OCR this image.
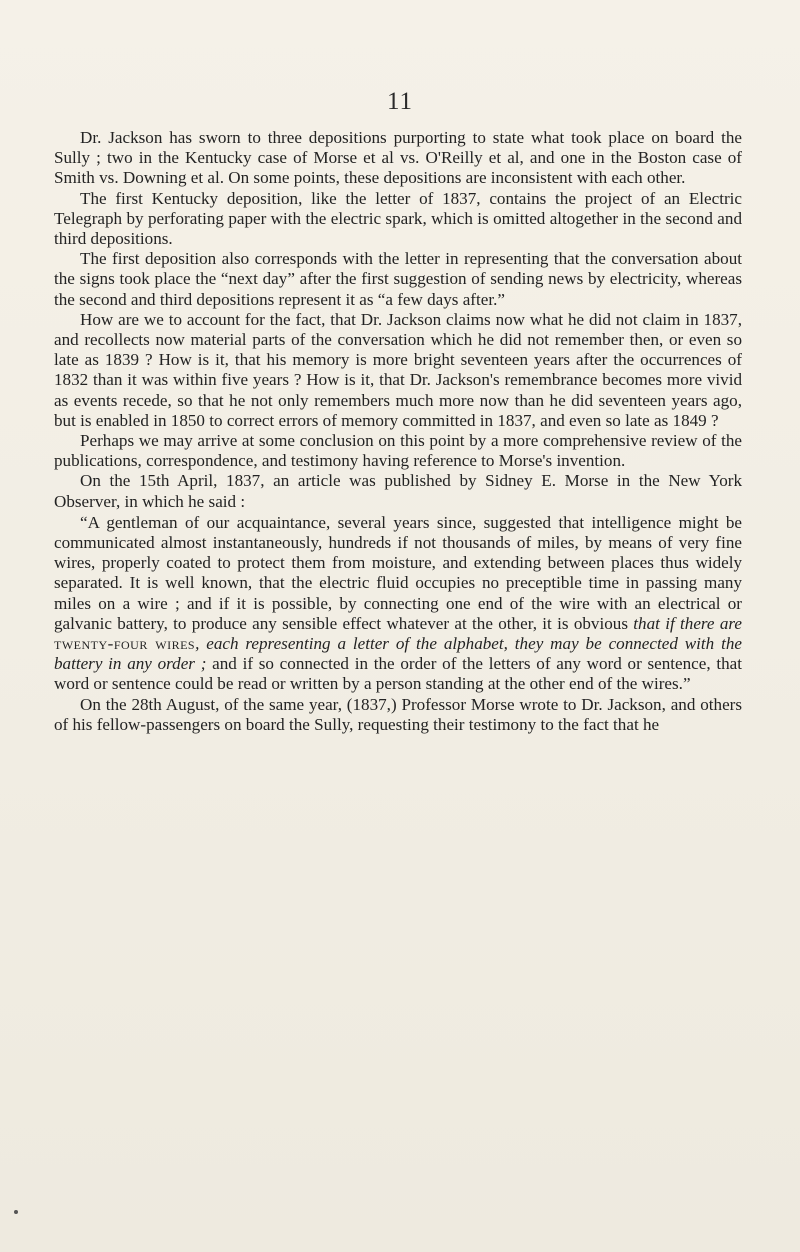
11

Dr. Jackson has sworn to three depositions purporting to state what took place on board the Sully ; two in the Kentucky case of Morse et al vs. O'Reilly et al, and one in the Boston case of Smith vs. Downing et al. On some points, these depositions are inconsistent with each other.

The first Kentucky deposition, like the letter of 1837, contains the project of an Electric Telegraph by perforating paper with the electric spark, which is omitted altogether in the second and third depositions.

The first deposition also corresponds with the letter in representing that the conversation about the signs took place the “next day” after the first suggestion of sending news by electricity, whereas the second and third depositions represent it as “a few days after.”

How are we to account for the fact, that Dr. Jackson claims now what he did not claim in 1837, and recollects now material parts of the conversation which he did not remember then, or even so late as 1839 ? How is it, that his memory is more bright seventeen years after the occurrences of 1832 than it was within five years ? How is it, that Dr. Jackson's remembrance becomes more vivid as events recede, so that he not only remembers much more now than he did seventeen years ago, but is enabled in 1850 to correct errors of memory committed in 1837, and even so late as 1849 ?

Perhaps we may arrive at some conclusion on this point by a more comprehensive review of the publications, correspondence, and testimony having reference to Morse's invention.

On the 15th April, 1837, an article was published by Sidney E. Morse in the New York Observer, in which he said :

“A gentleman of our acquaintance, several years since, suggested that intelligence might be communicated almost instantaneously, hundreds if not thousands of miles, by means of very fine wires, properly coated to protect them from moisture, and extending between places thus widely separated. It is well known, that the electric fluid occupies no preceptible time in passing many miles on a wire ; and if it is possible, by connecting one end of the wire with an electrical or galvanic battery, to produce any sensible effect whatever at the other, it is obvious that if there are twenty-four wires, each representing a letter of the alphabet, they may be connected with the battery in any order ; and if so connected in the order of the letters of any word or sentence, that word or sentence could be read or written by a person standing at the other end of the wires.”

On the 28th August, of the same year, (1837,) Professor Morse wrote to Dr. Jackson, and others of his fellow-passengers on board the Sully, requesting their testimony to the fact that he
